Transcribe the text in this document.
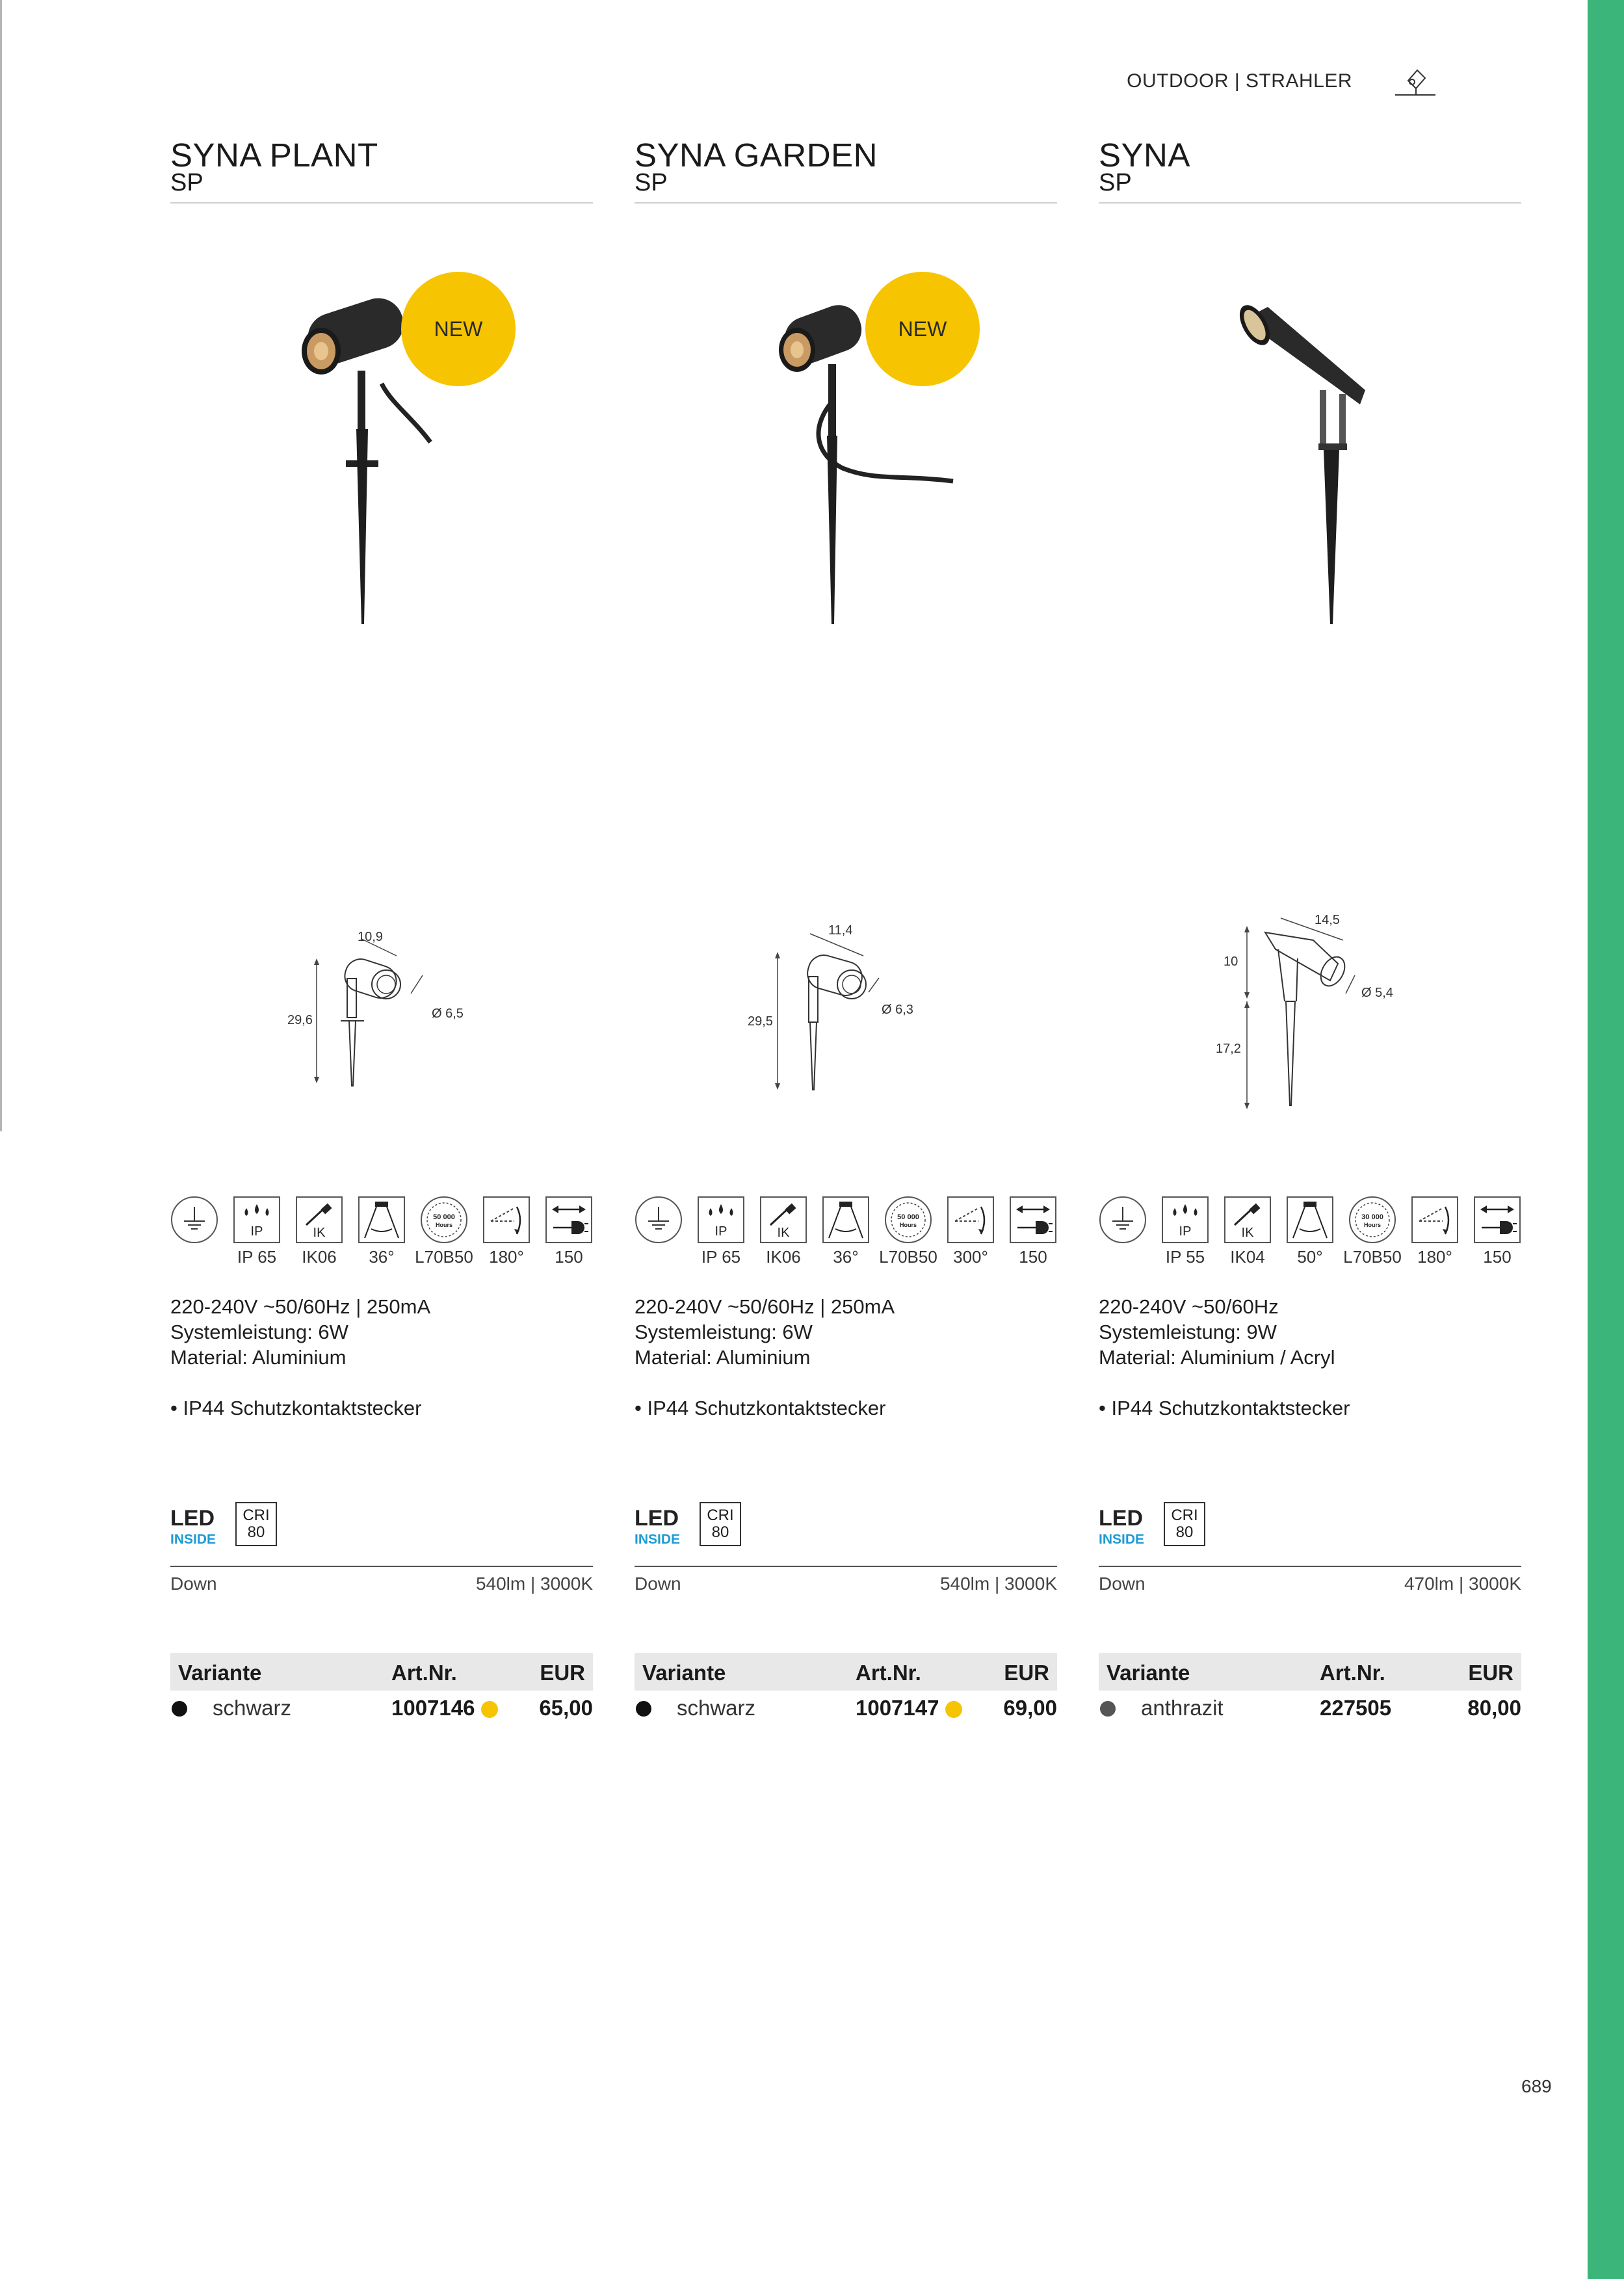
OUTDOOR | STRAHLER
SYNA PLANT
SP
NEW
10,9
Ø 6,5
29,6
IP
IP 65
IK
IK06 36°
50 000
Hours
L70B50 180° 150
220-240V ~50/60Hz | 250mA
Systemleistung: 6W
Material: Aluminium
• IP44 Schutzkontaktstecker
LED
INSIDE
CRI
80
Down	540lm | 3000K
Variante	Art.Nr.	EUR
schwarz	1007146	65,00
SYNA GARDEN
SP
NEW
11,4
Ø 6,3
29,5
IP
IP 65
IK
IK06 36°
50 000
Hours
L70B50 300° 150
220-240V ~50/60Hz | 250mA
Systemleistung: 6W
Material: Aluminium
• IP44 Schutzkontaktstecker
LED
INSIDE
CRI
80
Down	540lm | 3000K
Variante	Art.Nr.	EUR
schwarz	1007147	69,00
SYNA
SP
14,5
Ø 5,4
10
17,2
IP
IP 55
IK
IK04 50°
30 000
Hours
L70B50 180° 150
220-240V ~50/60Hz
Systemleistung: 9W
Material: Aluminium / Acryl
• IP44 Schutzkontaktstecker
LED
INSIDE
CRI
80
Down	470lm | 3000K
Variante	Art.Nr.	EUR
anthrazit	227505	80,00
689
